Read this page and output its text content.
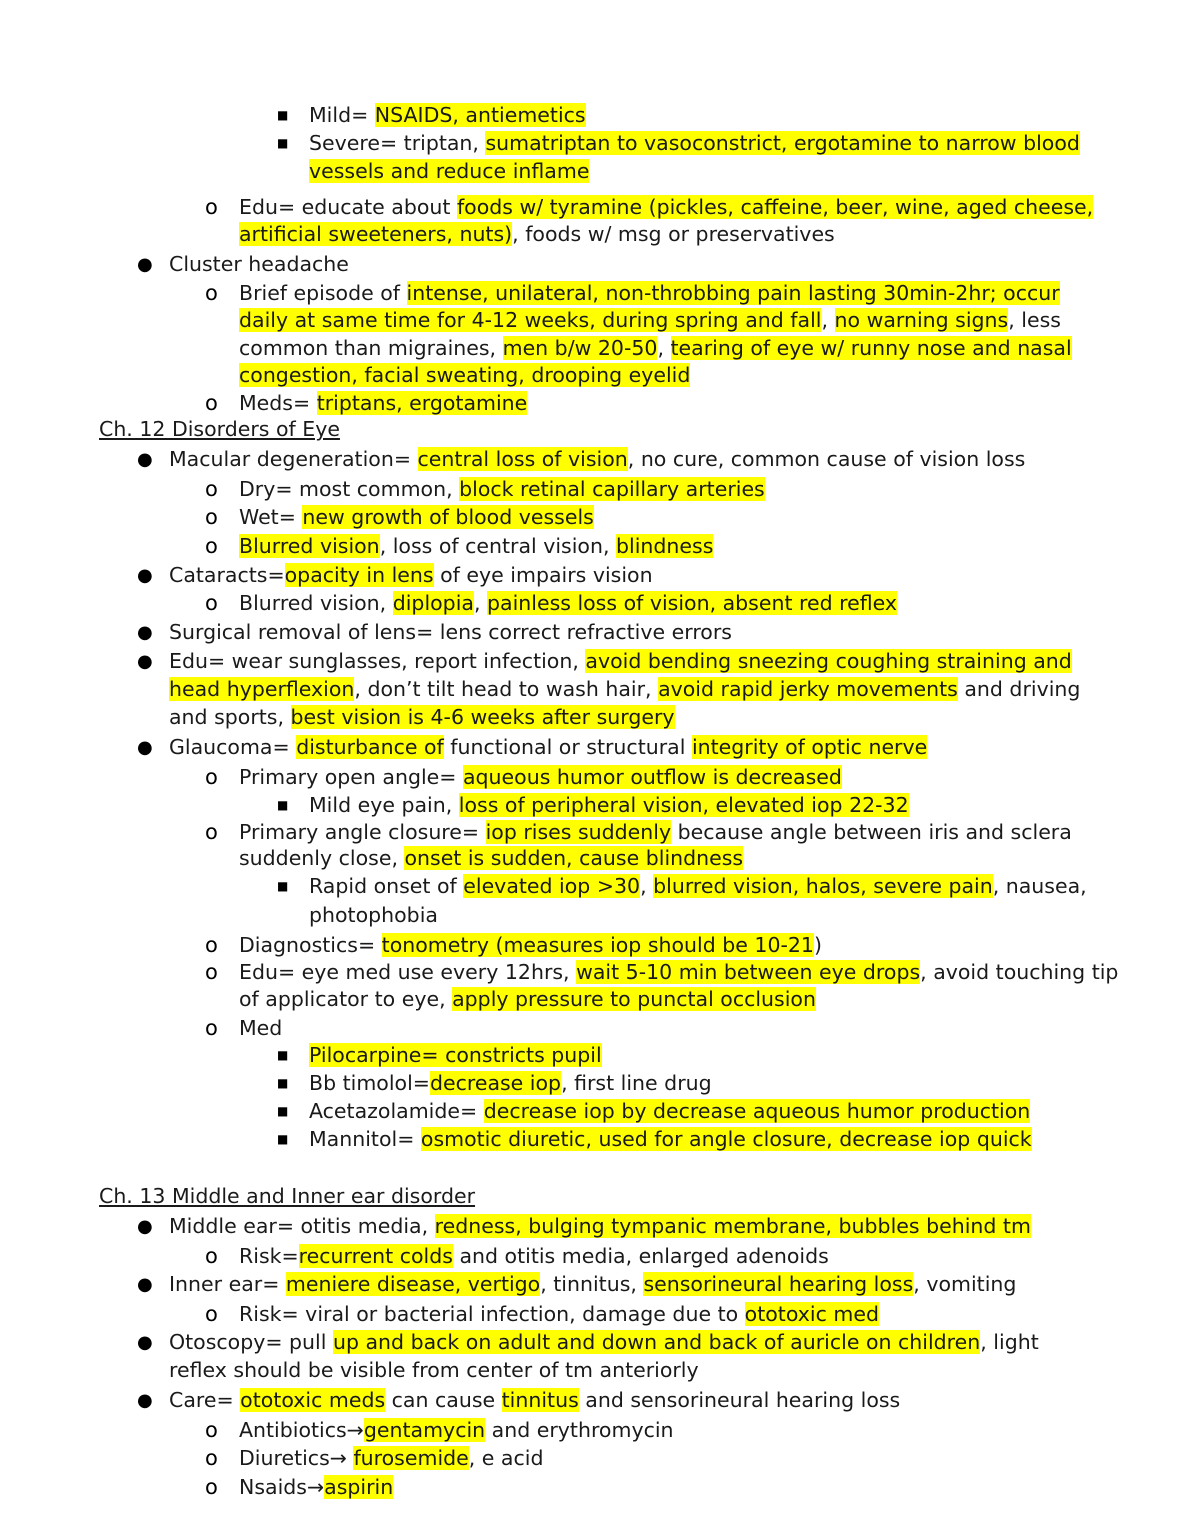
■ Mild= NSAIDS, antiemetics
■ Severe= triptan, sumatriptan to vasoconstrict, ergotamine to narrow blood
vessels and reduce inflame
o Edu= educate about foods w/ tyramine (pickles, caffeine, beer, wine, aged cheese,
artificial sweeteners, nuts), foods w/ msg or preservatives
● Cluster headache
o Brief episode of intense, unilateral, non-throbbing pain lasting 30min-2hr; occur
daily at same time for 4-12 weeks, during spring and fall, no warning signs, less
common than migraines, men b/w 20-50, tearing of eye w/ runny nose and nasal
congestion, facial sweating, drooping eyelid
o Meds= triptans, ergotamine
Ch. 12 Disorders of Eye
● Macular degeneration= central loss of vision, no cure, common cause of vision loss
o Dry= most common, block retinal capillary arteries
o Wet= new growth of blood vessels
o Blurred vision, loss of central vision, blindness
● Cataracts=opacity in lens of eye impairs vision
o Blurred vision, diplopia, painless loss of vision, absent red reflex
● Surgical removal of lens= lens correct refractive errors
● Edu= wear sunglasses, report infection, avoid bending sneezing coughing straining and
head hyperflexion, don’t tilt head to wash hair, avoid rapid jerky movements and driving
and sports, best vision is 4-6 weeks after surgery
● Glaucoma= disturbance of functional or structural integrity of optic nerve
o Primary open angle= aqueous humor outflow is decreased
■ Mild eye pain, loss of peripheral vision, elevated iop 22-32
o Primary angle closure= iop rises suddenly because angle between iris and sclera
suddenly close, onset is sudden, cause blindness
■ Rapid onset of elevated iop >30, blurred vision, halos, severe pain, nausea,
photophobia
o Diagnostics= tonometry (measures iop should be 10-21)
o Edu= eye med use every 12hrs, wait 5-10 min between eye drops, avoid touching tip
of applicator to eye, apply pressure to punctal occlusion
o Med
■ Pilocarpine= constricts pupil
■ Bb timolol=decrease iop, first line drug
■ Acetazolamide= decrease iop by decrease aqueous humor production
■ Mannitol= osmotic diuretic, used for angle closure, decrease iop quick
Ch. 13 Middle and Inner ear disorder
● Middle ear= otitis media, redness, bulging tympanic membrane, bubbles behind tm
o Risk=recurrent colds and otitis media, enlarged adenoids
● Inner ear= meniere disease, vertigo, tinnitus, sensorineural hearing loss, vomiting
o Risk= viral or bacterial infection, damage due to ototoxic med
● Otoscopy= pull up and back on adult and down and back of auricle on children, light
reflex should be visible from center of tm anteriorly
● Care= ototoxic meds can cause tinnitus and sensorineural hearing loss
o Antibiotics→gentamycin and erythromycin
o Diuretics→ furosemide, e acid
o Nsaids→aspirin
